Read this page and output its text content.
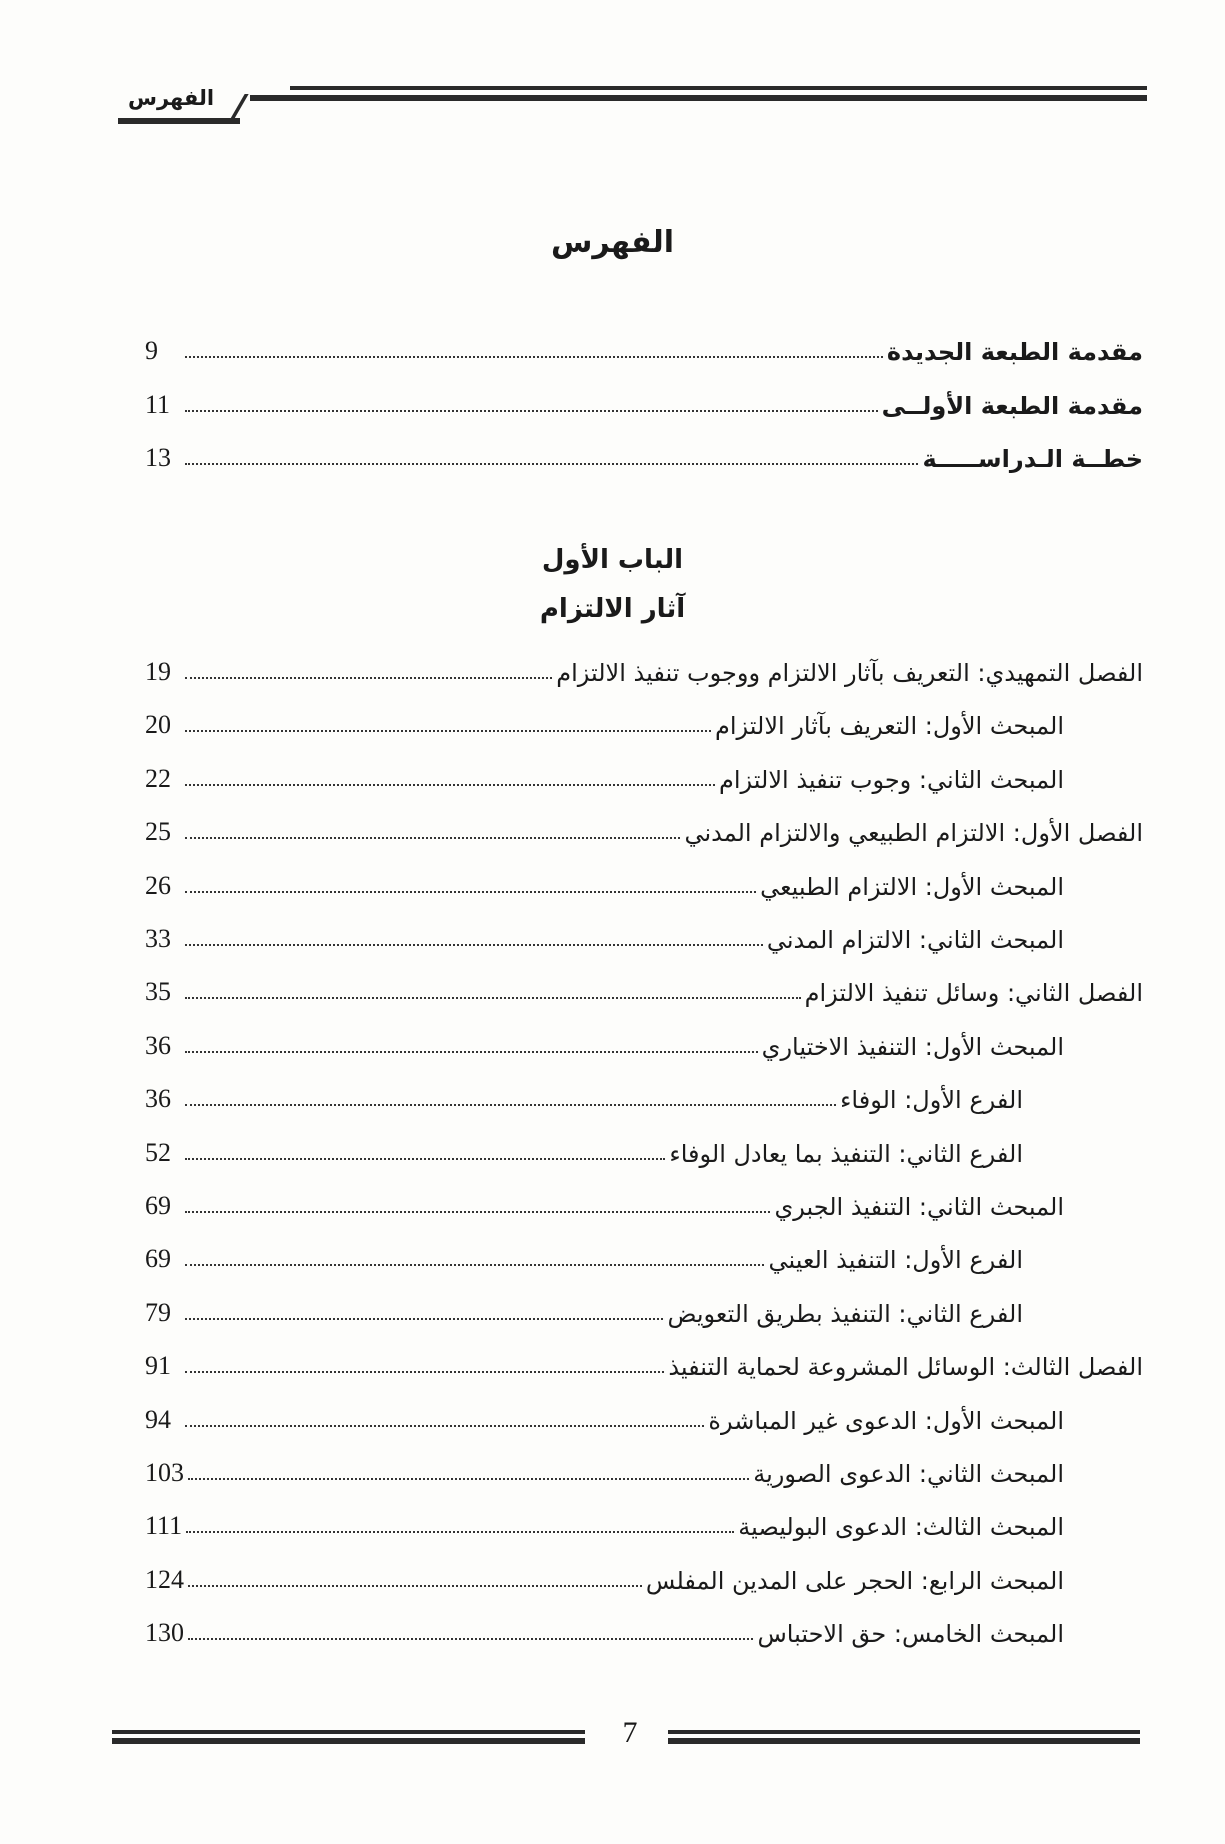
الفهرس
الفهرس
مقدمة الطبعة الجديدة
9
مقدمة الطبعة الأولــى
11
خطــة الـدراســـــة
13
الباب الأول
آثار الالتزام
الفصل التمهيدي: التعريف بآثار الالتزام ووجوب تنفيذ الالتزام
19
المبحث الأول: التعريف بآثار الالتزام
20
المبحث الثاني: وجوب تنفيذ الالتزام
22
الفصل الأول: الالتزام الطبيعي والالتزام المدني
25
المبحث الأول: الالتزام الطبيعي
26
المبحث الثاني: الالتزام المدني
33
الفصل الثاني: وسائل تنفيذ الالتزام
35
المبحث الأول: التنفيذ الاختياري
36
الفرع الأول: الوفاء
36
الفرع الثاني: التنفيذ بما يعادل الوفاء
52
المبحث الثاني: التنفيذ الجبري
69
الفرع الأول: التنفيذ العيني
69
الفرع الثاني: التنفيذ بطريق التعويض
79
الفصل الثالث: الوسائل المشروعة لحماية التنفيذ
91
المبحث الأول: الدعوى غير المباشرة
94
المبحث الثاني: الدعوى الصورية
103
المبحث الثالث: الدعوى البوليصية
111
المبحث الرابع: الحجر على المدين المفلس
124
المبحث الخامس: حق الاحتباس
130
7
